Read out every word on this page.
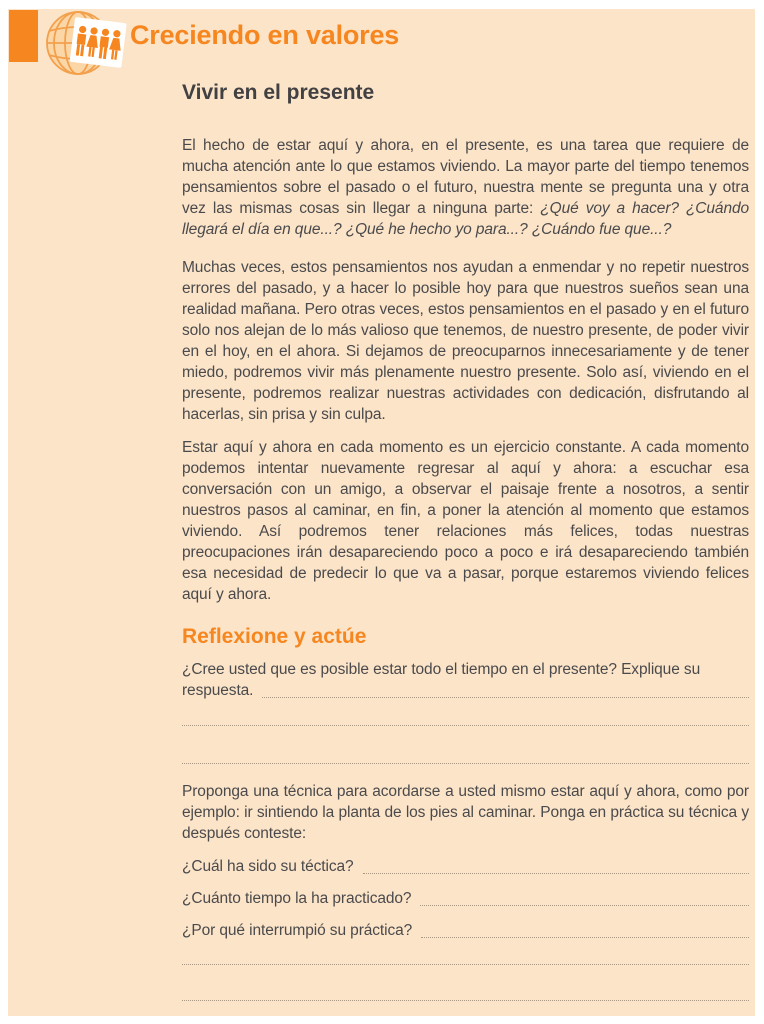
Creciendo en valores
Vivir en el presente

El hecho de estar aquí y ahora, en el presente, es una tarea que requiere de mucha atención ante lo que estamos viviendo. La mayor parte del tiempo tenemos pensamientos sobre el pasado o el futuro, nuestra mente se pregunta una y otra vez las mismas cosas sin llegar a ninguna parte: ¿Qué voy a hacer? ¿Cuándo llegará el día en que...? ¿Qué he hecho yo para...? ¿Cuándo fue que...?

Muchas veces, estos pensamientos nos ayudan a enmendar y no repetir nuestros errores del pasado, y a hacer lo posible hoy para que nuestros sueños sean una realidad mañana. Pero otras veces, estos pensamientos en el pasado y en el futuro solo nos alejan de lo más valioso que tenemos, de nuestro presente, de poder vivir en el hoy, en el ahora. Si dejamos de preocuparnos innecesariamente y de tener miedo, podremos vivir más plenamente nuestro presente. Solo así, viviendo en el presente, podremos realizar nuestras actividades con dedicación, disfrutando al hacerlas, sin prisa y sin culpa.

Estar aquí y ahora en cada momento es un ejercicio constante. A cada momento podemos intentar nuevamente regresar al aquí y ahora: a escuchar esa conversación con un amigo, a observar el paisaje frente a nosotros, a sentir nuestros pasos al caminar, en fin, a poner la atención al momento que estamos viviendo. Así podremos tener relaciones más felices, todas nuestras preocupaciones irán desapareciendo poco a poco e irá desapareciendo también esa necesidad de predecir lo que va a pasar, porque estaremos viviendo felices aquí y ahora.

Reflexione y actúe

¿Cree usted que es posible estar todo el tiempo en el presente? Explique su

respuesta.

Proponga una técnica para acordarse a usted mismo estar aquí y ahora, como por ejemplo: ir sintiendo la planta de los pies al caminar. Ponga en práctica su técnica y después conteste:

¿Cuál ha sido su téctica?
¿Cuánto tiempo la ha practicado?
¿Por qué interrumpió su práctica?
